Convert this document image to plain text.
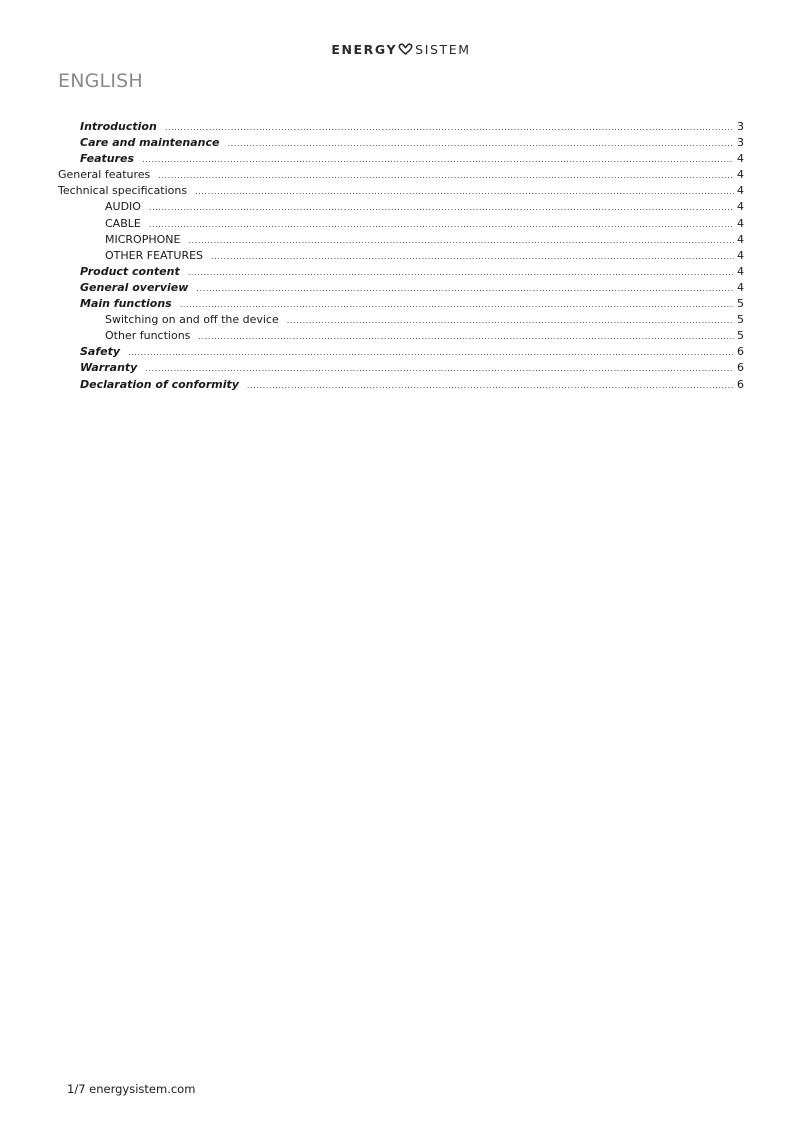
ENERGY SISTEM
ENGLISH
Introduction .....	3
Care and maintenance .....	3
Features .....	4
General features .....	4
Technical specifications .....	4
AUDIO .....	4
CABLE .....	4
MICROPHONE .....	4
OTHER FEATURES .....	4
Product content .....	4
General overview .....	4
Main functions .....	5
Switching on and off the device .....	5
Other functions .....	5
Safety .....	6
Warranty .....	6
Declaration of conformity .....	6
1/7 energysistem.com
